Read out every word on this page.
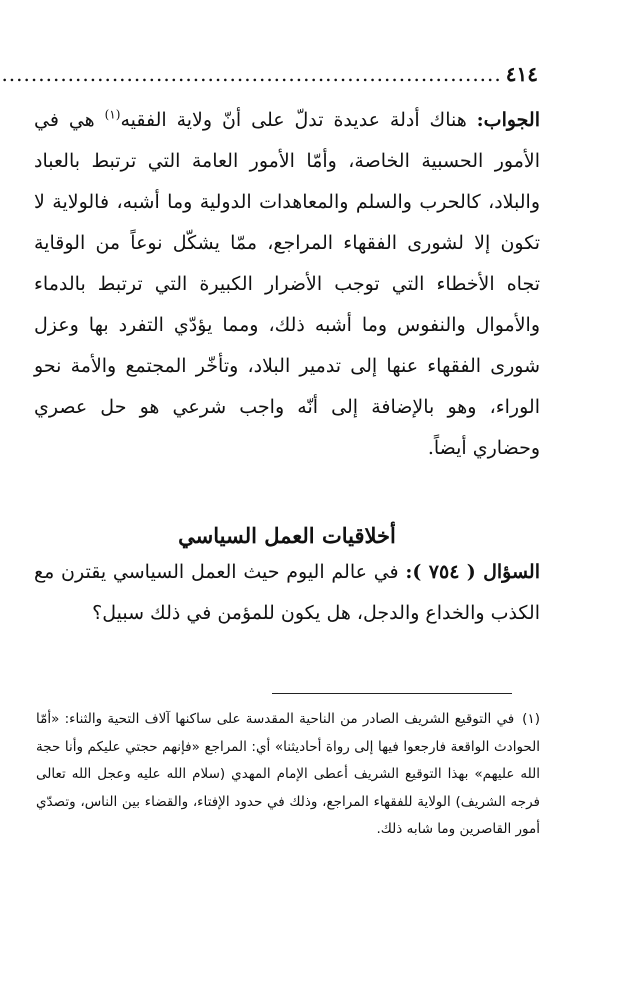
٤١٤
....................................................................

الجواب: هناك أدلة عديدة تدلّ على أنّ ولاية الفقيه$^{(١)}$ هي في الأمور الحسبية الخاصة، وأمّا الأمور العامة التي ترتبط بالعباد والبلاد، كالحرب والسلم والمعاهدات الدولية وما أشبه، فالولاية لا تكون إلا لشورى الفقهاء المراجع، ممّا يشكّل نوعاً من الوقاية تجاه الأخطاء التي توجب الأضرار الكبيرة التي ترتبط بالدماء والأموال والنفوس وما أشبه ذلك، ومما يؤدّي التفرد بها وعزل شورى الفقهاء عنها إلى تدمير البلاد، وتأخّر المجتمع والأمة نحو الوراء، وهو بالإضافة إلى أنّه واجب شرعي هو حل عصري وحضاري أيضاً.

أخلاقيات العمل السياسي

السؤال ( ٧٥٤ ): في عالم اليوم حيث العمل السياسي يقترن مع الكذب والخداع والدجل، هل يكون للمؤمن في ذلك سبيل؟

(١)في التوقيع الشريف الصادر من الناحية المقدسة على ساكنها آلاف التحية والثناء: «أمّا الحوادث الواقعة فارجعوا فيها إلى رواة أحاديثنا» أي: المراجع «فإنهم حجتي عليكم وأنا حجة الله عليهم» بهذا التوقيع الشريف أعطى الإمام المهدي (سلام الله عليه وعجل الله تعالى فرجه الشريف) الولاية للفقهاء المراجع، وذلك في حدود الإفتاء، والقضاء بين الناس، وتصدّي أمور القاصرين وما شابه ذلك.
